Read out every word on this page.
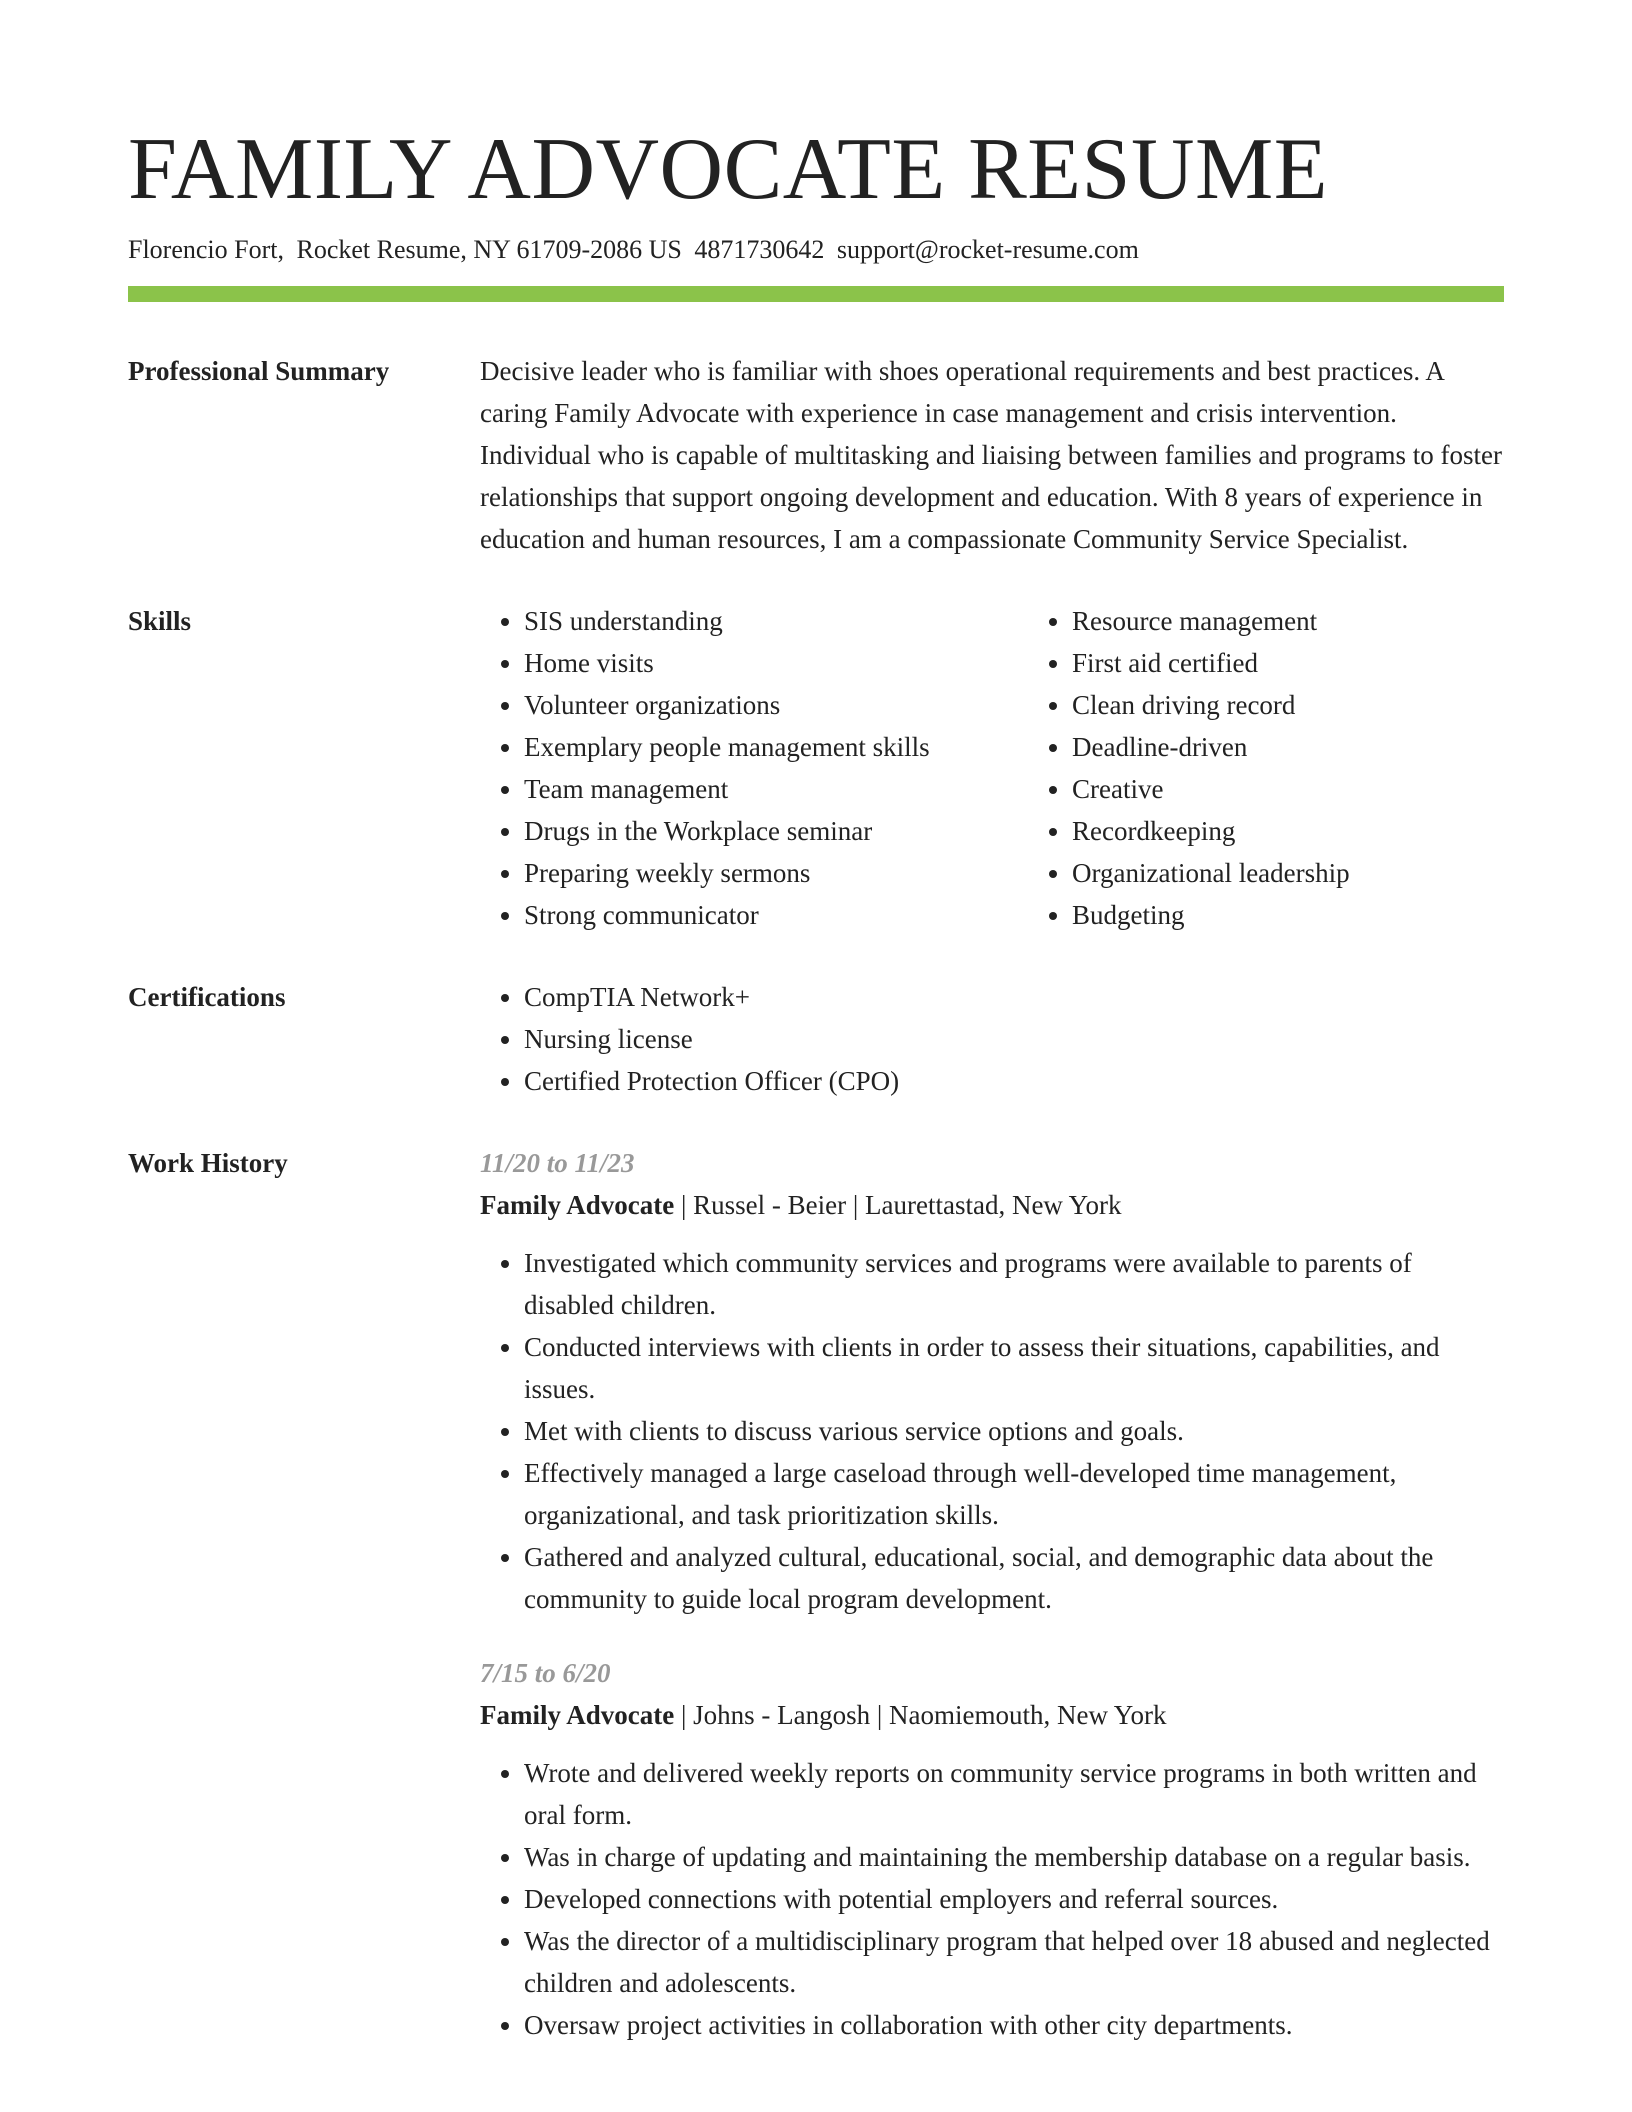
FAMILY ADVOCATE RESUME
Florencio Fort, Rocket Resume, NY 61709-2086 US 4871730642 support@rocket-resume.com
Professional Summary	Decisive leader who is familiar with shoes operational requirements and best practices. A caring Family Advocate with experience in case management and crisis intervention. Individual who is capable of multitasking and liaising between families and programs to foster relationships that support ongoing development and education. With 8 years of experience in education and human resources, I am a compassionate Community Service Specialist.

Skills	• SIS understanding
• Home visits
• Volunteer organizations
• Exemplary people management skills
• Team management
• Drugs in the Workplace seminar
• Preparing weekly sermons
• Strong communicator
• Resource management
• First aid certified
• Clean driving record
• Deadline-driven
• Creative
• Recordkeeping
• Organizational leadership
• Budgeting
Certifications	• CompTIA Network+
• Nursing license
• Certified Protection Officer (CPO)
Work History	11/20 to 11/23
Family Advocate | Russel - Beier | Laurettastad, New York
• Investigated which community services and programs were available to parents of disabled children.
• Conducted interviews with clients in order to assess their situations, capabilities, and issues.
• Met with clients to discuss various service options and goals.
• Effectively managed a large caseload through well-developed time management, organizational, and task prioritization skills.
• Gathered and analyzed cultural, educational, social, and demographic data about the community to guide local program development.
7/15 to 6/20
Family Advocate | Johns - Langosh | Naomiemouth, New York
• Wrote and delivered weekly reports on community service programs in both written and oral form.
• Was in charge of updating and maintaining the membership database on a regular basis.
• Developed connections with potential employers and referral sources.
• Was the director of a multidisciplinary program that helped over 18 abused and neglected children and adolescents.
• Oversaw project activities in collaboration with other city departments.
